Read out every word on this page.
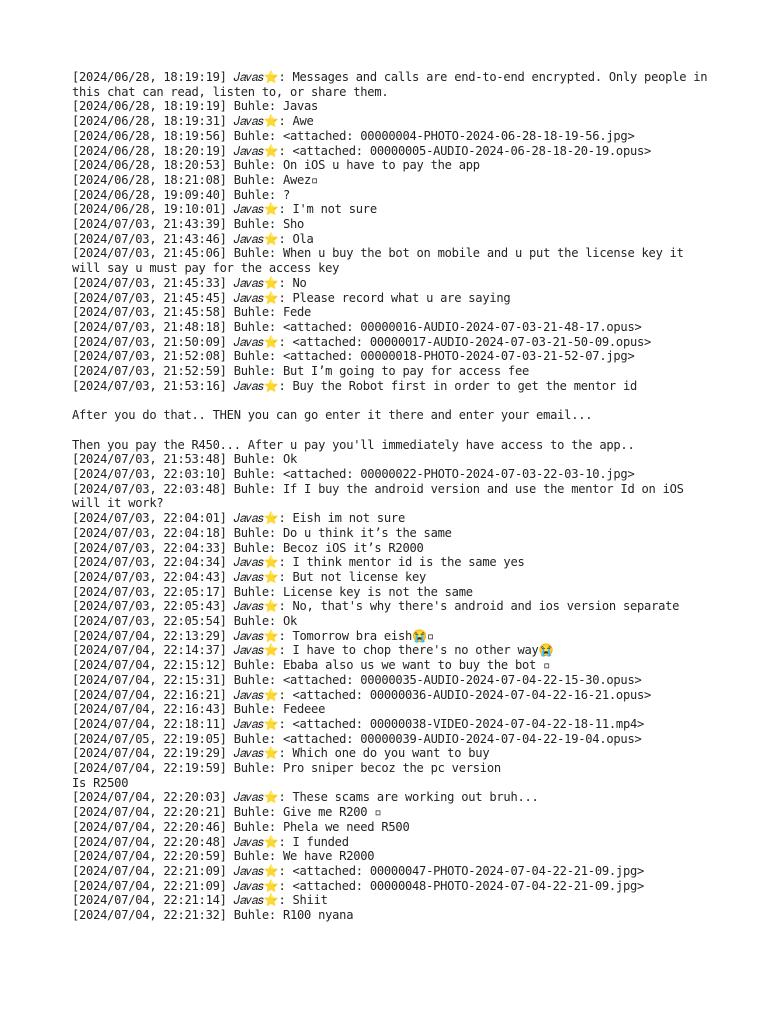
[2024/06/28, 18:19:19] 𝐽𝑎𝑣𝑎𝑠⭐: Messages and calls are end-to-end encrypted. Only people in this chat can read, listen to, or share them.
[2024/06/28, 18:19:19] Buhle: Javas
[2024/06/28, 18:19:31] 𝐽𝑎𝑣𝑎𝑠⭐: Awe
[2024/06/28, 18:19:56] Buhle: <attached: 00000004-PHOTO-2024-06-28-18-19-56.jpg>
[2024/06/28, 18:20:19] 𝐽𝑎𝑣𝑎𝑠⭐: <attached: 00000005-AUDIO-2024-06-28-18-20-19.opus>
[2024/06/28, 18:20:53] Buhle: On iOS u have to pay the app
[2024/06/28, 18:21:08] Buhle: Awez▫
[2024/06/28, 19:09:40] Buhle: ?
[2024/06/28, 19:10:01] 𝐽𝑎𝑣𝑎𝑠⭐: I'm not sure
[2024/07/03, 21:43:39] Buhle: Sho
[2024/07/03, 21:43:46] 𝐽𝑎𝑣𝑎𝑠⭐: Ola
[2024/07/03, 21:45:06] Buhle: When u buy the bot on mobile and u put the license key it will say u must pay for the access key
[2024/07/03, 21:45:33] 𝐽𝑎𝑣𝑎𝑠⭐: No
[2024/07/03, 21:45:45] 𝐽𝑎𝑣𝑎𝑠⭐: Please record what u are saying
[2024/07/03, 21:45:58] Buhle: Fede
[2024/07/03, 21:48:18] Buhle: <attached: 00000016-AUDIO-2024-07-03-21-48-17.opus>
[2024/07/03, 21:50:09] 𝐽𝑎𝑣𝑎𝑠⭐: <attached: 00000017-AUDIO-2024-07-03-21-50-09.opus>
[2024/07/03, 21:52:08] Buhle: <attached: 00000018-PHOTO-2024-07-03-21-52-07.jpg>
[2024/07/03, 21:52:59] Buhle: But I’m going to pay for access fee
[2024/07/03, 21:53:16] 𝐽𝑎𝑣𝑎𝑠⭐: Buy the Robot first in order to get the mentor id

After you do that.. THEN you can go enter it there and enter your email...

Then you pay the R450... After u pay you'll immediately have access to the app..
[2024/07/03, 21:53:48] Buhle: Ok
[2024/07/03, 22:03:10] Buhle: <attached: 00000022-PHOTO-2024-07-03-22-03-10.jpg>
[2024/07/03, 22:03:48] Buhle: If I buy the android version and use the mentor Id on iOS will it work?
[2024/07/03, 22:04:01] 𝐽𝑎𝑣𝑎𝑠⭐: Eish im not sure
[2024/07/03, 22:04:18] Buhle: Do u think it’s the same
[2024/07/03, 22:04:33] Buhle: Becoz iOS it’s R2000
[2024/07/03, 22:04:34] 𝐽𝑎𝑣𝑎𝑠⭐: I think mentor id is the same yes
[2024/07/03, 22:04:43] 𝐽𝑎𝑣𝑎𝑠⭐: But not license key
[2024/07/03, 22:05:17] Buhle: License key is not the same
[2024/07/03, 22:05:43] 𝐽𝑎𝑣𝑎𝑠⭐: No, that's why there's android and ios version separate
[2024/07/03, 22:05:54] Buhle: Ok
[2024/07/04, 22:13:29] 𝐽𝑎𝑣𝑎𝑠⭐: Tomorrow bra eish😭▫
[2024/07/04, 22:14:37] 𝐽𝑎𝑣𝑎𝑠⭐: I have to chop there's no other way😭
[2024/07/04, 22:15:12] Buhle: Ebaba also us we want to buy the bot ▫
[2024/07/04, 22:15:31] Buhle: <attached: 00000035-AUDIO-2024-07-04-22-15-30.opus>
[2024/07/04, 22:16:21] 𝐽𝑎𝑣𝑎𝑠⭐: <attached: 00000036-AUDIO-2024-07-04-22-16-21.opus>
[2024/07/04, 22:16:43] Buhle: Fedeee
[2024/07/04, 22:18:11] 𝐽𝑎𝑣𝑎𝑠⭐: <attached: 00000038-VIDEO-2024-07-04-22-18-11.mp4>
[2024/07/05, 22:19:05] Buhle: <attached: 00000039-AUDIO-2024-07-04-22-19-04.opus>
[2024/07/04, 22:19:29] 𝐽𝑎𝑣𝑎𝑠⭐: Which one do you want to buy
[2024/07/04, 22:19:59] Buhle: Pro sniper becoz the pc version
Is R2500
[2024/07/04, 22:20:03] 𝐽𝑎𝑣𝑎𝑠⭐: These scams are working out bruh...
[2024/07/04, 22:20:21] Buhle: Give me R200 ▫
[2024/07/04, 22:20:46] Buhle: Phela we need R500
[2024/07/04, 22:20:48] 𝐽𝑎𝑣𝑎𝑠⭐: I funded
[2024/07/04, 22:20:59] Buhle: We have R2000
[2024/07/04, 22:21:09] 𝐽𝑎𝑣𝑎𝑠⭐: <attached: 00000047-PHOTO-2024-07-04-22-21-09.jpg>
[2024/07/04, 22:21:09] 𝐽𝑎𝑣𝑎𝑠⭐: <attached: 00000048-PHOTO-2024-07-04-22-21-09.jpg>
[2024/07/04, 22:21:14] 𝐽𝑎𝑣𝑎𝑠⭐: Shiit
[2024/07/04, 22:21:32] Buhle: R100 nyana
